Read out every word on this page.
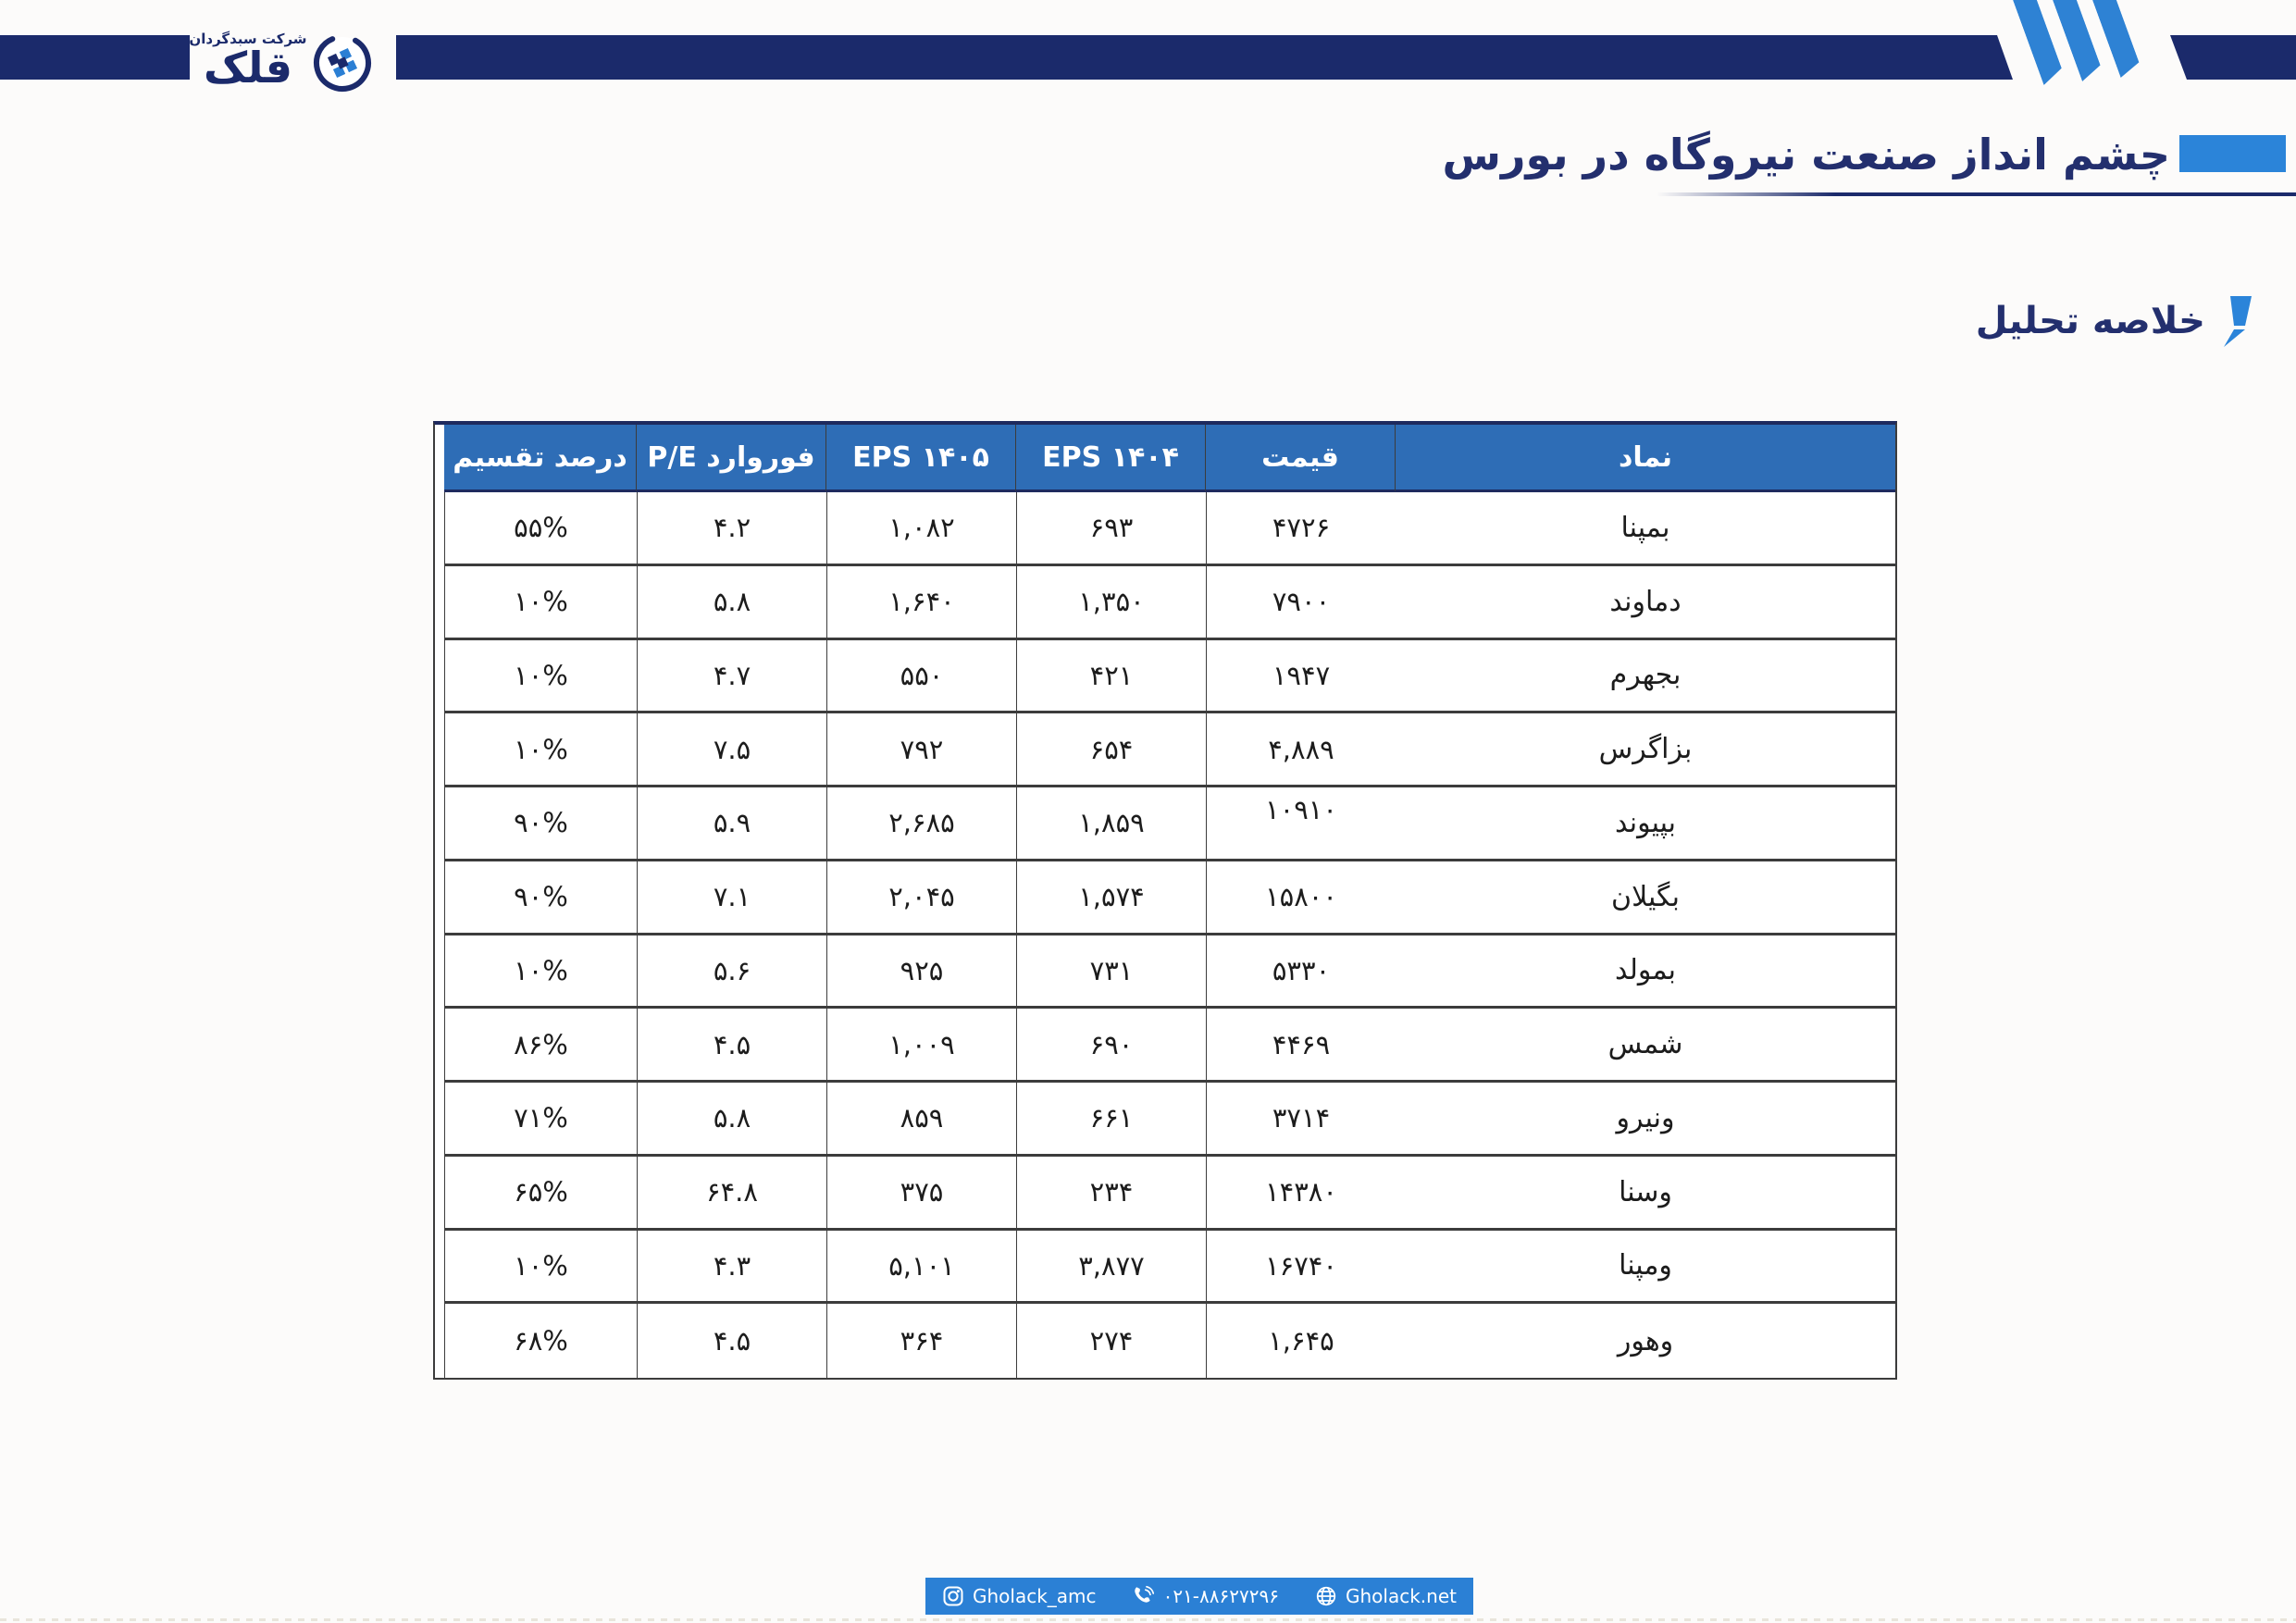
شرکت سبدگردان
قلک
چشم انداز صنعت نیروگاه در بورس
خلاصه تحلیل
نماد
قیمت
EPS ۱۴۰۴
EPS ۱۴۰۵
فوروارد P/E
درصد تقسیم
بمپنا
۴۷۲۶
۶۹۳
۱,۰۸۲
۴.۲
۵۵%
دماوند
۷۹۰۰
۱,۳۵۰
۱,۶۴۰
۵.۸
۱۰%
بجهرم
۱۹۴۷
۴۲۱
۵۵۰
۴.۷
۱۰%
بزاگرس
۴,۸۸۹
۶۵۴
۷۹۲
۷.۵
۱۰%
بپیوند
۱۰۹۱۰
۱,۸۵۹
۲,۶۸۵
۵.۹
۹۰%
بگیلان
۱۵۸۰۰
۱,۵۷۴
۲,۰۴۵
۷.۱
۹۰%
بمولد
۵۳۳۰
۷۳۱
۹۲۵
۵.۶
۱۰%
شمس
۴۴۶۹
۶۹۰
۱,۰۰۹
۴.۵
۸۶%
ونیرو
۳۷۱۴
۶۶۱
۸۵۹
۵.۸
۷۱%
وسنا
۱۴۳۸۰
۲۳۴
۳۷۵
۶۴.۸
۶۵%
ومپنا
۱۶۷۴۰
۳,۸۷۷
۵,۱۰۱
۴.۳
۱۰%
وهور
۱,۶۴۵
۲۷۴
۳۶۴
۴.۵
۶۸%
Gholack_amc	۰۲۱-۸۸۶۲۷۲۹۶	Gholack.net
